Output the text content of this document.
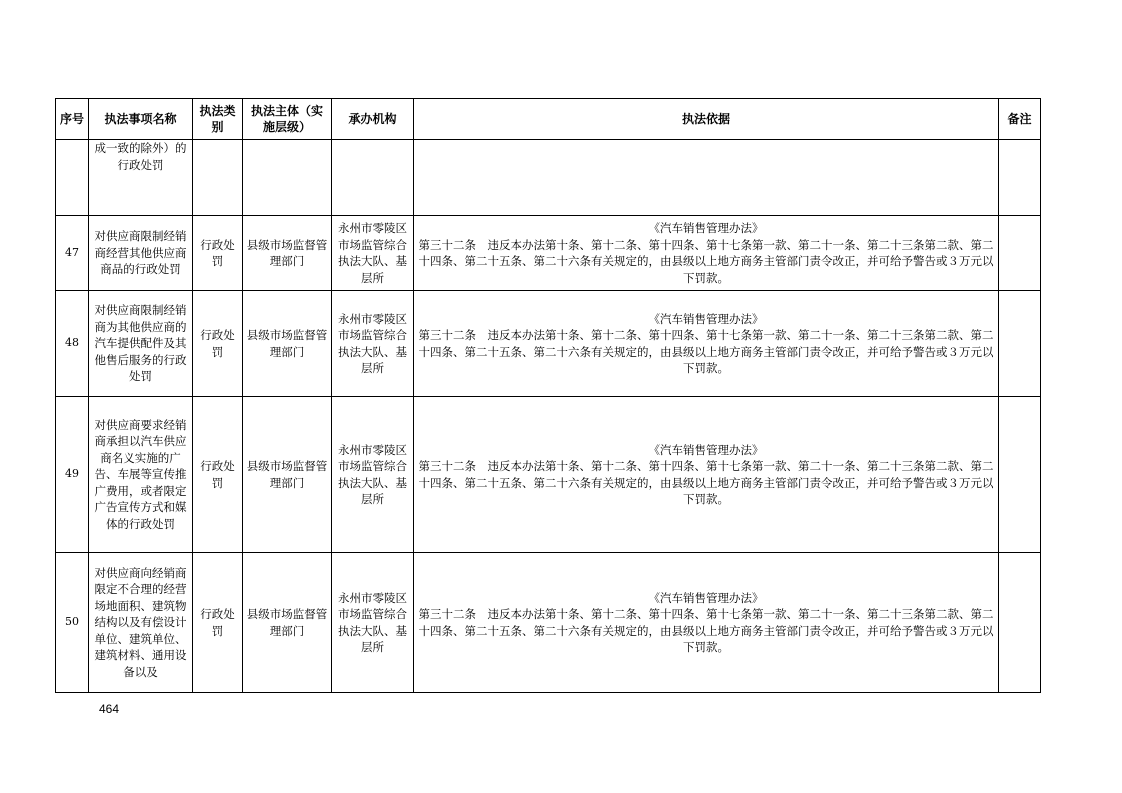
序号	执法事项名称	执法类别	执法主体（实施层级）	承办机构	执法依据	备注
	成一致的除外）的行政处罚				

47	对供应商限制经销商经营其他供应商商品的行政处罚	行政处罚	县级市场监督管理部门	永州市零陵区市场监管综合执法大队、基层所	《汽车销售管理办法》
第三十二条　违反本办法第十条、第十二条、第十四条、第十七条第一款、第二十一条、第二十三条第二款、第二十四条、第二十五条、第二十六条有关规定的，由县级以上地方商务主管部门责令改正，并可给予警告或３万元以下罚款。	

48	对供应商限制经销商为其他供应商的汽车提供配件及其他售后服务的行政处罚	行政处罚	县级市场监督管理部门	永州市零陵区市场监管综合执法大队、基层所	《汽车销售管理办法》
第三十二条　违反本办法第十条、第十二条、第十四条、第十七条第一款、第二十一条、第二十三条第二款、第二十四条、第二十五条、第二十六条有关规定的，由县级以上地方商务主管部门责令改正，并可给予警告或３万元以下罚款。	

49	对供应商要求经销商承担以汽车供应商名义实施的广告、车展等宣传推广费用，或者限定广告宣传方式和媒体的行政处罚	行政处罚	县级市场监督管理部门	永州市零陵区市场监管综合执法大队、基层所	《汽车销售管理办法》
第三十二条　违反本办法第十条、第十二条、第十四条、第十七条第一款、第二十一条、第二十三条第二款、第二十四条、第二十五条、第二十六条有关规定的，由县级以上地方商务主管部门责令改正，并可给予警告或３万元以下罚款。	

50	对供应商向经销商限定不合理的经营场地面积、建筑物结构以及有偿设计单位、建筑单位、建筑材料、通用设备以及	行政处罚	县级市场监督管理部门	永州市零陵区市场监管综合执法大队、基层所	《汽车销售管理办法》
第三十二条　违反本办法第十条、第十二条、第十四条、第十七条第一款、第二十一条、第二十三条第二款、第二十四条、第二十五条、第二十六条有关规定的，由县级以上地方商务主管部门责令改正，并可给予警告或３万元以下罚款。	

464
